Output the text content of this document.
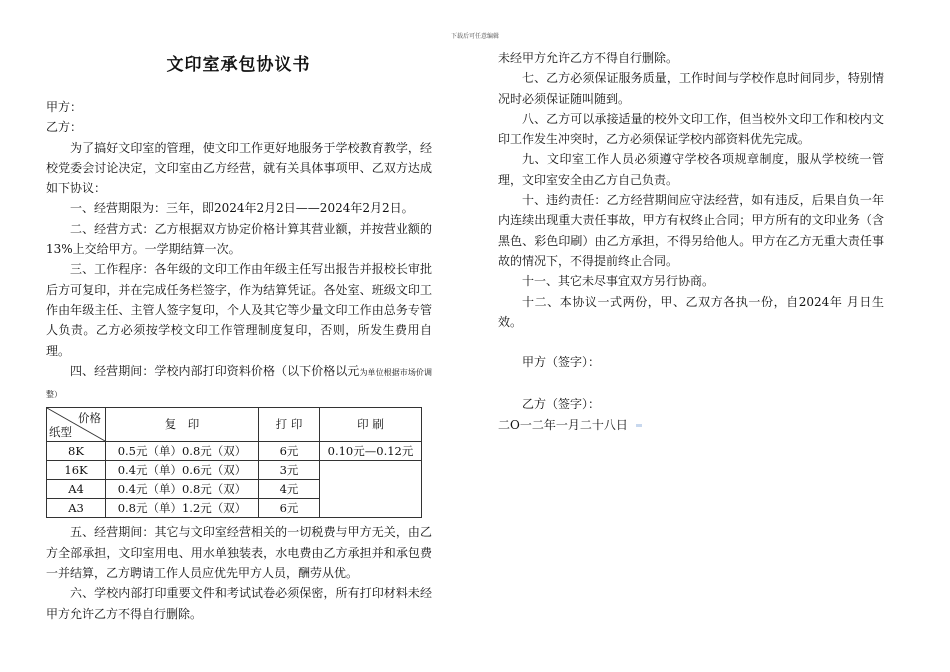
下载后可任意编辑
文印室承包协议书

甲方：

乙方：

为了搞好文印室的管理，使文印工作更好地服务于学校教育教学，经校党委会讨论决定，文印室由乙方经营，就有关具体事项甲、乙双方达成如下协议：

一、经营期限为：三年，即2024年2月2日——2024年2月2日。

二、经营方式：乙方根据双方协定价格计算其营业额，并按营业额的13%上交给甲方。一学期结算一次。

三、工作程序：各年级的文印工作由年级主任写出报告并报校长审批后方可复印，并在完成任务栏签字，作为结算凭证。各处室、班级文印工作由年级主任、主管人签字复印，个人及其它等少量文印工作由总务专管人负责。乙方必须按学校文印工作管理制度复印，否则，所发生费用自理。

四、经营期间：学校内部打印资料价格（以下价格以元为单位根据市场价调整）

价格
纸型	复　印	打 印	印 刷
8K	0.5元（单）0.8元（双）	6元	0.10元—0.12元
16K	0.4元（单）0.6元（双）	3元	
A4	0.4元（单）0.8元（双）	4元	
A3	0.8元（单）1.2元（双）	6元	

五、经营期间：其它与文印室经营相关的一切税费与甲方无关，由乙方全部承担，文印室用电、用水单独装表，水电费由乙方承担并和承包费一并结算，乙方聘请工作人员应优先甲方人员，酬劳从优。

六、学校内部打印重要文件和考试试卷必须保密，所有打印材料未经甲方允许乙方不得自行删除。

未经甲方允许乙方不得自行删除。

七、乙方必须保证服务质量，工作时间与学校作息时间同步，特别情况时必须保证随叫随到。

八、乙方可以承接适量的校外文印工作，但当校外文印工作和校内文印工作发生冲突时，乙方必须保证学校内部资料优先完成。

九、文印室工作人员必须遵守学校各项规章制度，服从学校统一管理，文印室安全由乙方自己负责。

十、违约责任：乙方经营期间应守法经营，如有违反，后果自负一年内连续出现重大责任事故，甲方有权终止合同；甲方所有的文印业务（含黑色、彩色印刷）由乙方承担，不得另给他人。甲方在乙方无重大责任事故的情况下，不得提前终止合同。

十一、其它未尽事宜双方另行协商。

十二、本协议一式两份，甲、乙双方各执一份，自2024年 月日生效。

甲方（签字）：

乙方（签字）：

二O一二年一月二十八日
